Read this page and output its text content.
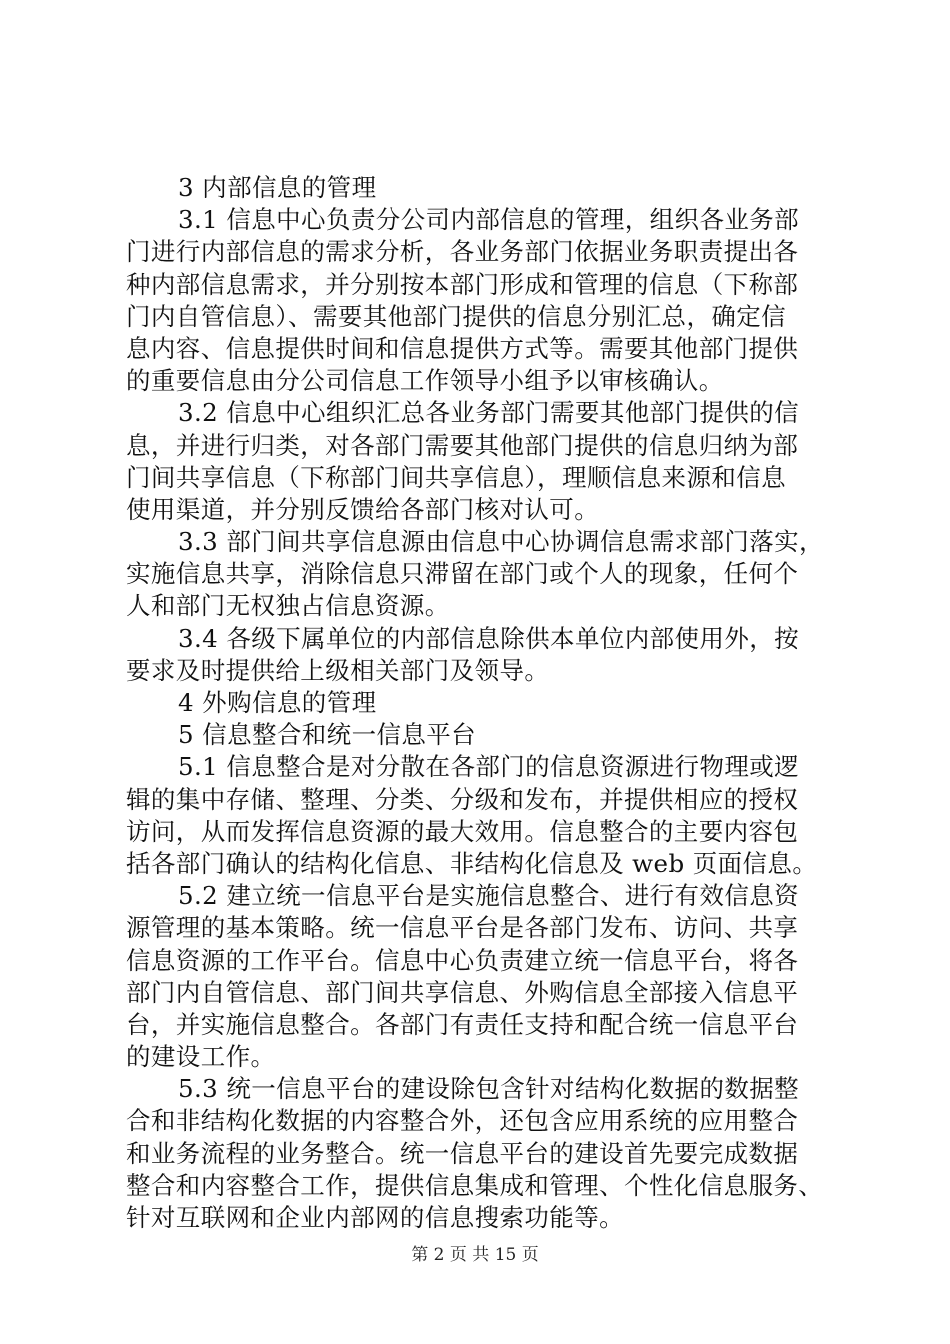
3 内部信息的管理
3.1 信息中心负责分公司内部信息的管理，组织各业务部
门进行内部信息的需求分析，各业务部门依据业务职责提出各
种内部信息需求，并分别按本部门形成和管理的信息（下称部
门内自管信息）、需要其他部门提供的信息分别汇总，确定信
息内容、信息提供时间和信息提供方式等。需要其他部门提供
的重要信息由分公司信息工作领导小组予以审核确认。
3.2 信息中心组织汇总各业务部门需要其他部门提供的信
息，并进行归类，对各部门需要其他部门提供的信息归纳为部
门间共享信息（下称部门间共享信息），理顺信息来源和信息
使用渠道，并分别反馈给各部门核对认可。
3.3 部门间共享信息源由信息中心协调信息需求部门落实，
实施信息共享，消除信息只滞留在部门或个人的现象，任何个
人和部门无权独占信息资源。
3.4 各级下属单位的内部信息除供本单位内部使用外，按
要求及时提供给上级相关部门及领导。
4 外购信息的管理
5 信息整合和统一信息平台
5.1 信息整合是对分散在各部门的信息资源进行物理或逻
辑的集中存储、整理、分类、分级和发布，并提供相应的授权
访问，从而发挥信息资源的最大效用。信息整合的主要内容包
括各部门确认的结构化信息、非结构化信息及 web 页面信息。
5.2 建立统一信息平台是实施信息整合、进行有效信息资
源管理的基本策略。统一信息平台是各部门发布、访问、共享
信息资源的工作平台。信息中心负责建立统一信息平台，将各
部门内自管信息、部门间共享信息、外购信息全部接入信息平
台，并实施信息整合。各部门有责任支持和配合统一信息平台
的建设工作。
5.3 统一信息平台的建设除包含针对结构化数据的数据整
合和非结构化数据的内容整合外，还包含应用系统的应用整合
和业务流程的业务整合。统一信息平台的建设首先要完成数据
整合和内容整合工作，提供信息集成和管理、个性化信息服务、
针对互联网和企业内部网的信息搜索功能等。
第 2 页 共 15 页
